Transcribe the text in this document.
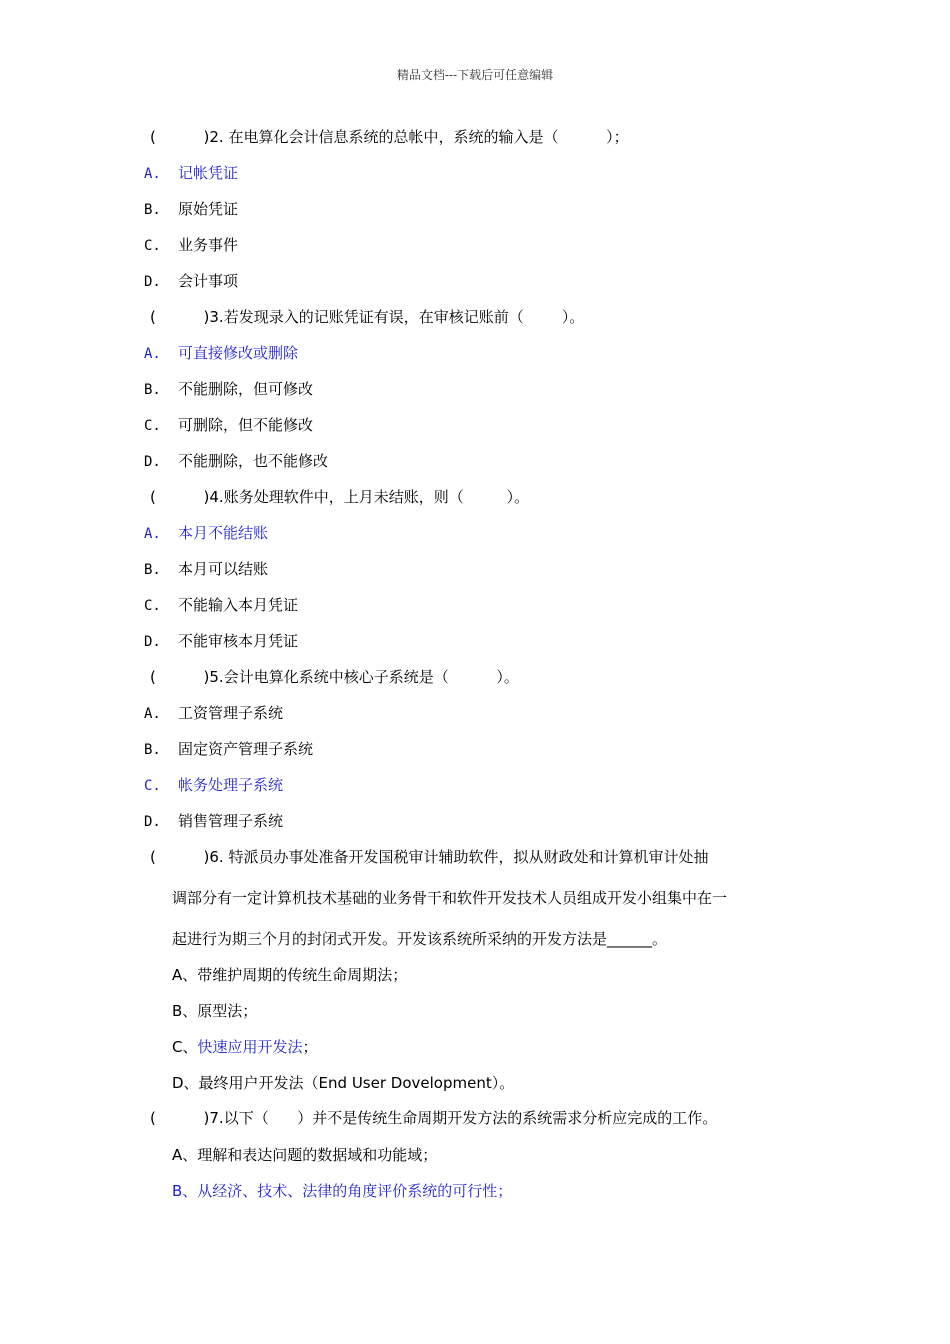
精品文档---下载后可任意编辑
(          )2. 在电算化会计信息系统的总帐中，系统的输入是（          ）；
A. 记帐凭证
B. 原始凭证
C. 业务事件
D. 会计事项
(          )3.若发现录入的记账凭证有误，在审核记账前（        ）。
A. 可直接修改或删除
B. 不能删除，但可修改
C. 可删除，但不能修改
D. 不能删除，也不能修改
(          )4.账务处理软件中，上月未结账，则（         ）。
A. 本月不能结账
B. 本月可以结账
C. 不能输入本月凭证
D. 不能审核本月凭证
(          )5.会计电算化系统中核心子系统是（          ）。
A. 工资管理子系统
B. 固定资产管理子系统
C. 帐务处理子系统
D. 销售管理子系统
(          )6. 特派员办事处准备开发国税审计辅助软件，拟从财政处和计算机审计处抽
调部分有一定计算机技术基础的业务骨干和软件开发技术人员组成开发小组集中在一
起进行为期三个月的封闭式开发。开发该系统所采纳的开发方法是______。
A、带维护周期的传统生命周期法；
B、原型法；
C、快速应用开发法；
D、最终用户开发法（End User Dovelopment）。
(          )7.以下（      ）并不是传统生命周期开发方法的系统需求分析应完成的工作。
A、理解和表达问题的数据域和功能域；
B、从经济、技术、法律的角度评价系统的可行性；
